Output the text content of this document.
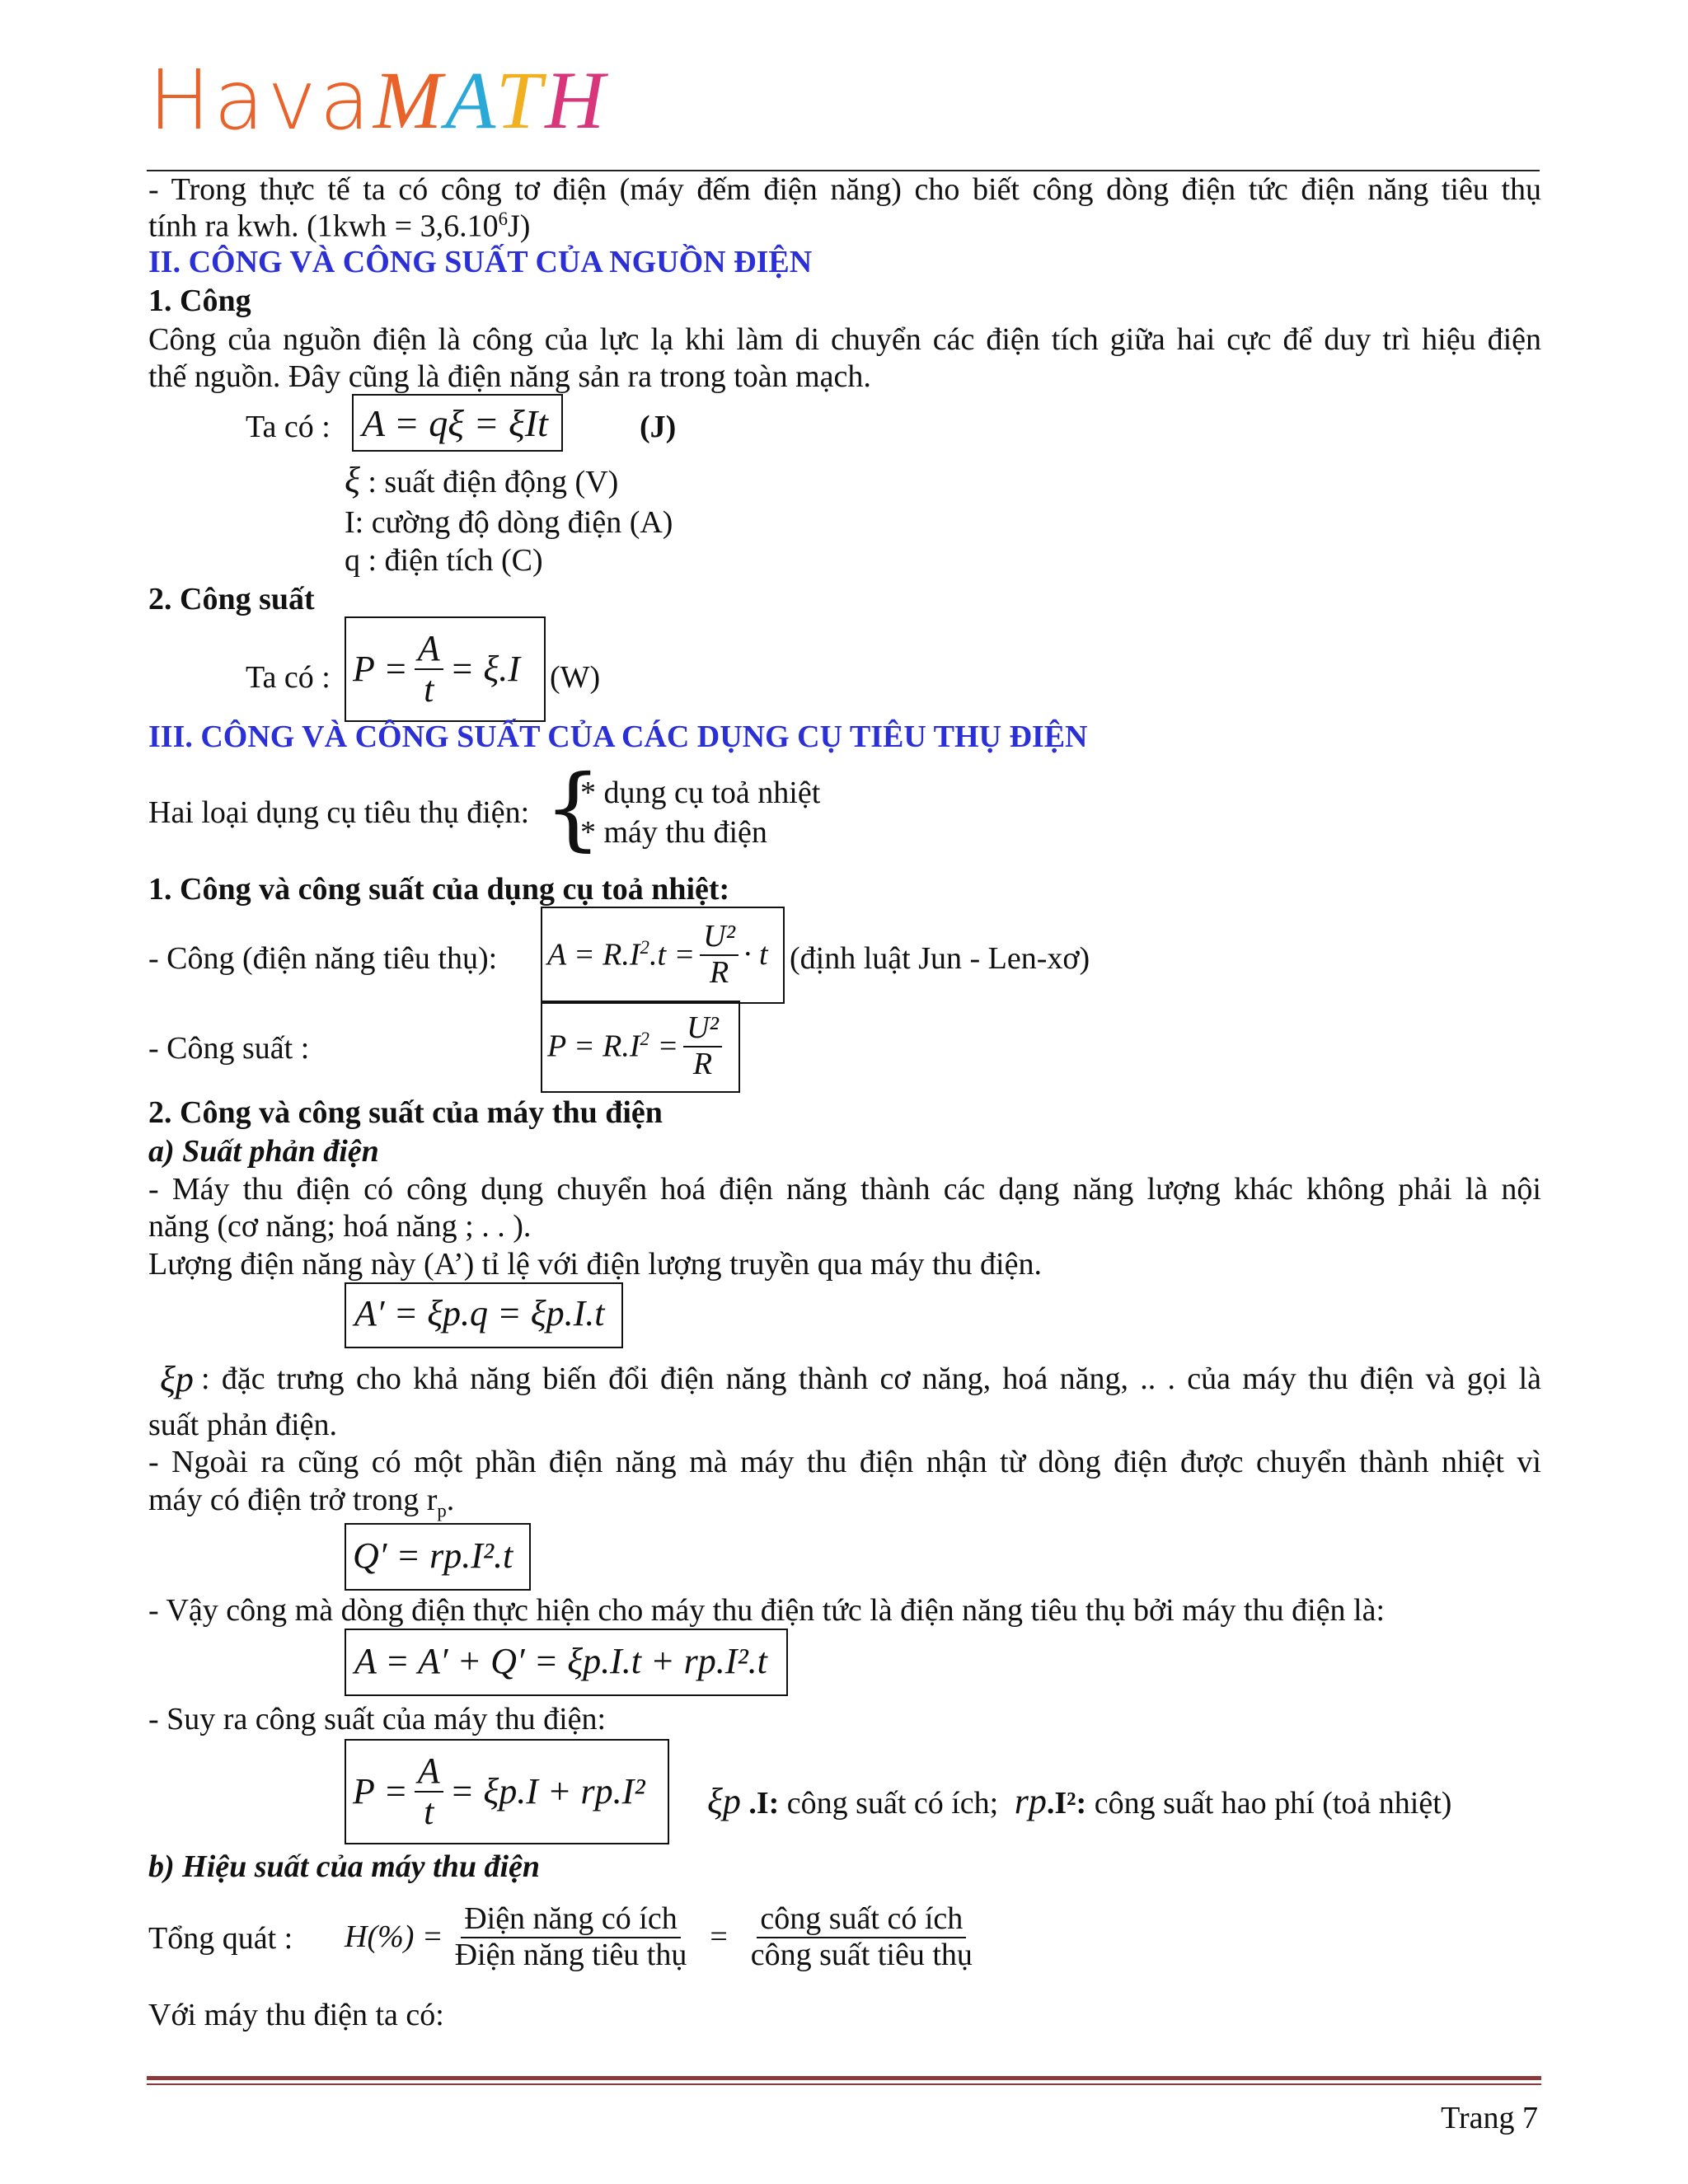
Hava MATH
- Trong thực tế ta có công tơ điện (máy đếm điện năng) cho biết công dòng điện tức điện năng tiêu thụ
tính ra kwh. $(1kwh = 3,6.10^6J)$
II. CÔNG VÀ CÔNG SUẤT CỦA NGUỒN ĐIỆN
1. Công
Công của nguồn điện là công của lực lạ khi làm di chuyển các điện tích giữa hai cực để duy trì hiệu điện
thế nguồn. Đây cũng là điện năng sản ra trong toàn mạch.
Ta có : A = qξ = ξIt	(J)
ξ : suất điện động (V)
I: cường độ dòng điện (A)
q : điện tích (C)
2. Công suất
Ta có : $P = \frac{A}{t} = \xi.I$ (W)
III. CÔNG VÀ CÔNG SUẤT CỦA CÁC DỤNG CỤ TIÊU THỤ ĐIỆN
Hai loại dụng cụ tiêu thụ điện: {
* dụng cụ toả nhiệt
* máy thu điện
1. Công và công suất của dụng cụ toả nhiệt:
- Công (điện năng tiêu thụ): $A = R.I^2.t = \frac{\text{U²}}{R} \cdot t$ (định luật Jun - Len-xơ)
- Công suất :	$P = R.I^2 = \frac{\text{U²}}{R}$
2. Công và công suất của máy thu điện
a) Suất phản điện
- Máy thu điện có công dụng chuyển hoá điện năng thành các dạng năng lượng khác không phải là nội
năng (cơ năng; hoá năng ; . . ).
Lượng điện năng này (A’) tỉ lệ với điện lượng truyền qua máy thu điện.
A′ = ξp.q = ξp.I.t
ξp : đặc trưng cho khả năng biến đổi điện năng thành cơ năng, hoá năng, .. . của máy thu điện và gọi là
suất phản điện.
- Ngoài ra cũng có một phần điện năng mà máy thu điện nhận từ dòng điện được chuyển thành nhiệt vì
máy có điện trở trong $r_p$.
Q′ = rp.I².t
- Vậy công mà dòng điện thực hiện cho máy thu điện tức là điện năng tiêu thụ bởi máy thu điện là:
A = A′ + Q′ = ξp.I.t + rp.I².t
- Suy ra công suất của máy thu điện:
$P = \frac{A}{t} = \xi p.I + rp.I^2$ ξp .I: công suất có ích; rp.I²: công suất hao phí (toả nhiệt)
b) Hiệu suất của máy thu điện
Tổng quát : $H(\%) = \frac{\text{Điện năng có ích}}{\text{Điện năng tiêu thụ}} = \frac{\text{công suất có ích}}{\text{công suất tiêu thụ}}$
Với máy thu điện ta có:
Trang 7
